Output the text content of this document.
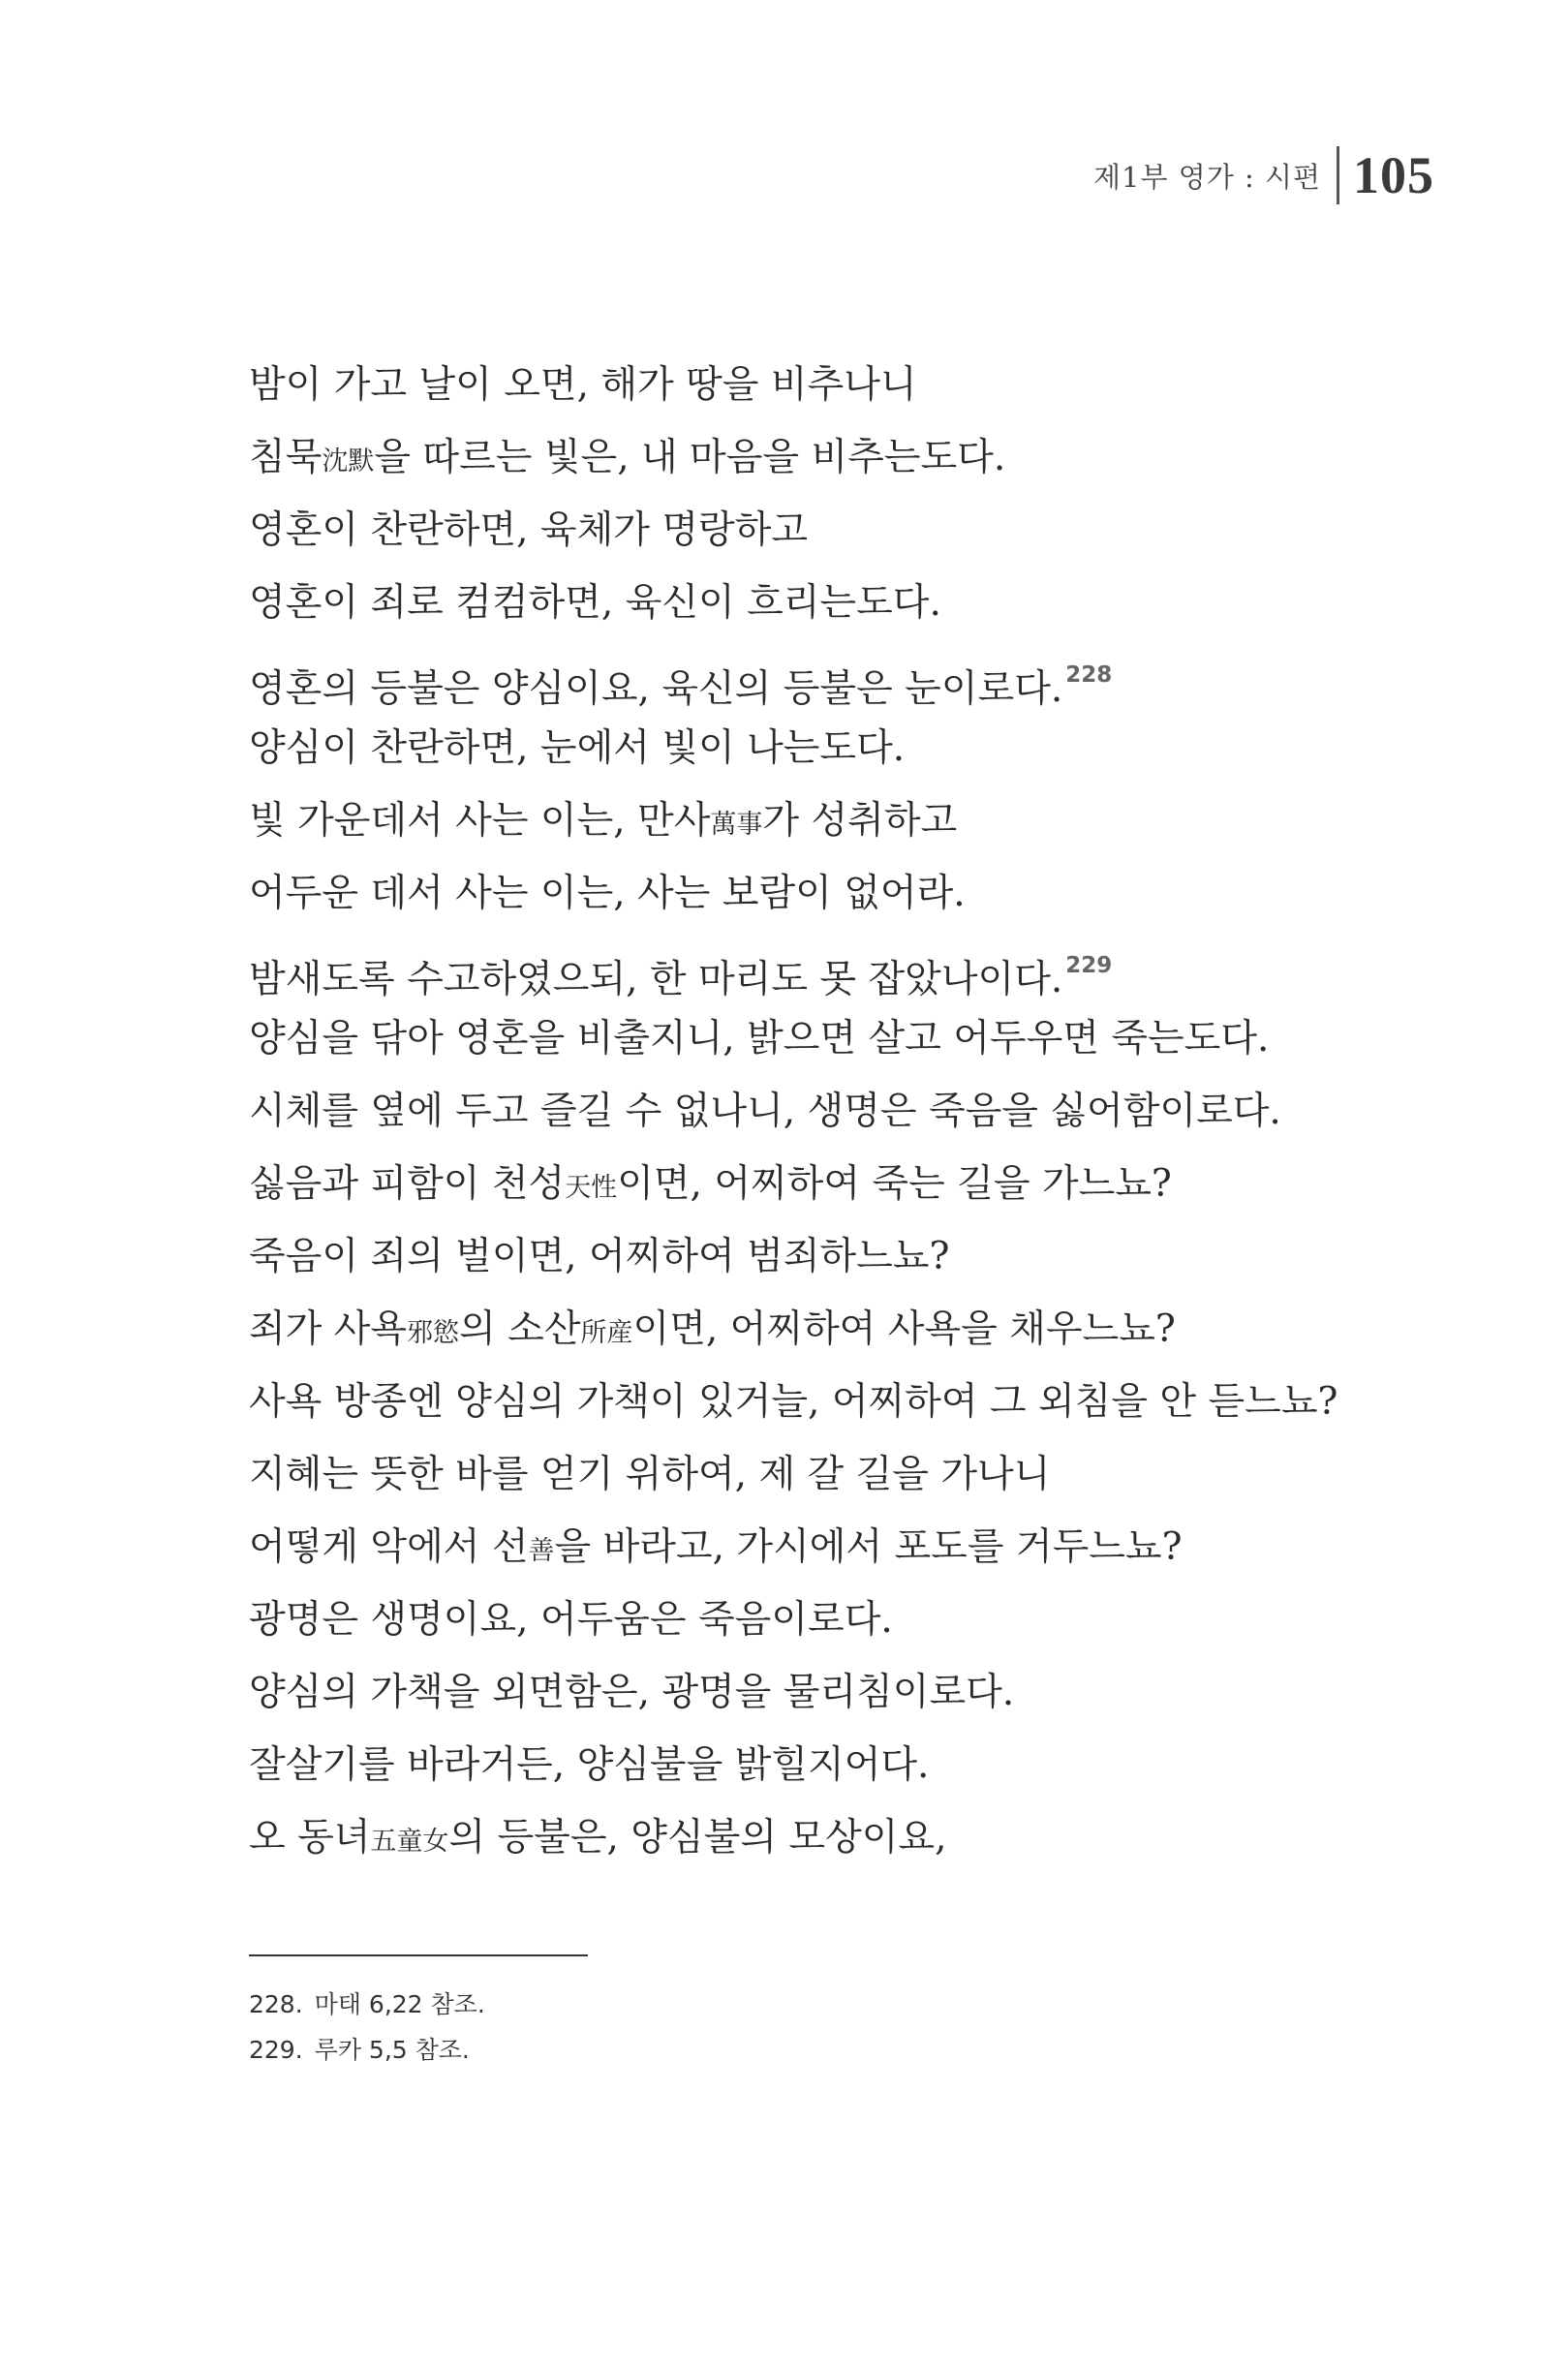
제1부 영가 : 시편 105
밤이 가고 날이 오면, 해가 땅을 비추나니
침묵沈默을 따르는 빛은, 내 마음을 비추는도다.
영혼이 찬란하면, 육체가 명랑하고
영혼이 죄로 컴컴하면, 육신이 흐리는도다.
영혼의 등불은 양심이요, 육신의 등불은 눈이로다. $^{228}$
양심이 찬란하면, 눈에서 빛이 나는도다.
빛 가운데서 사는 이는, 만사萬事가 성취하고
어두운 데서 사는 이는, 사는 보람이 없어라.
밤새도록 수고하였으되, 한 마리도 못 잡았나이다. $^{229}$
양심을 닦아 영혼을 비출지니, 밝으면 살고 어두우면 죽는도다.
시체를 옆에 두고 즐길 수 없나니, 생명은 죽음을 싫어함이로다.
싫음과 피함이 천성天性이면, 어찌하여 죽는 길을 가느뇨?
죽음이 죄의 벌이면, 어찌하여 범죄하느뇨?
죄가 사욕邪慾의 소산所産이면, 어찌하여 사욕을 채우느뇨?
사욕 방종엔 양심의 가책이 있거늘, 어찌하여 그 외침을 안 듣느뇨?
지혜는 뜻한 바를 얻기 위하여, 제 갈 길을 가나니
어떻게 악에서 선善을 바라고, 가시에서 포도를 거두느뇨?
광명은 생명이요, 어두움은 죽음이로다.
양심의 가책을 외면함은, 광명을 물리침이로다.
잘살기를 바라거든, 양심불을 밝힐지어다.
오 동녀五童女의 등불은, 양심불의 모상이요,
228. 마태 6,22 참조.
229. 루카 5,5 참조.
